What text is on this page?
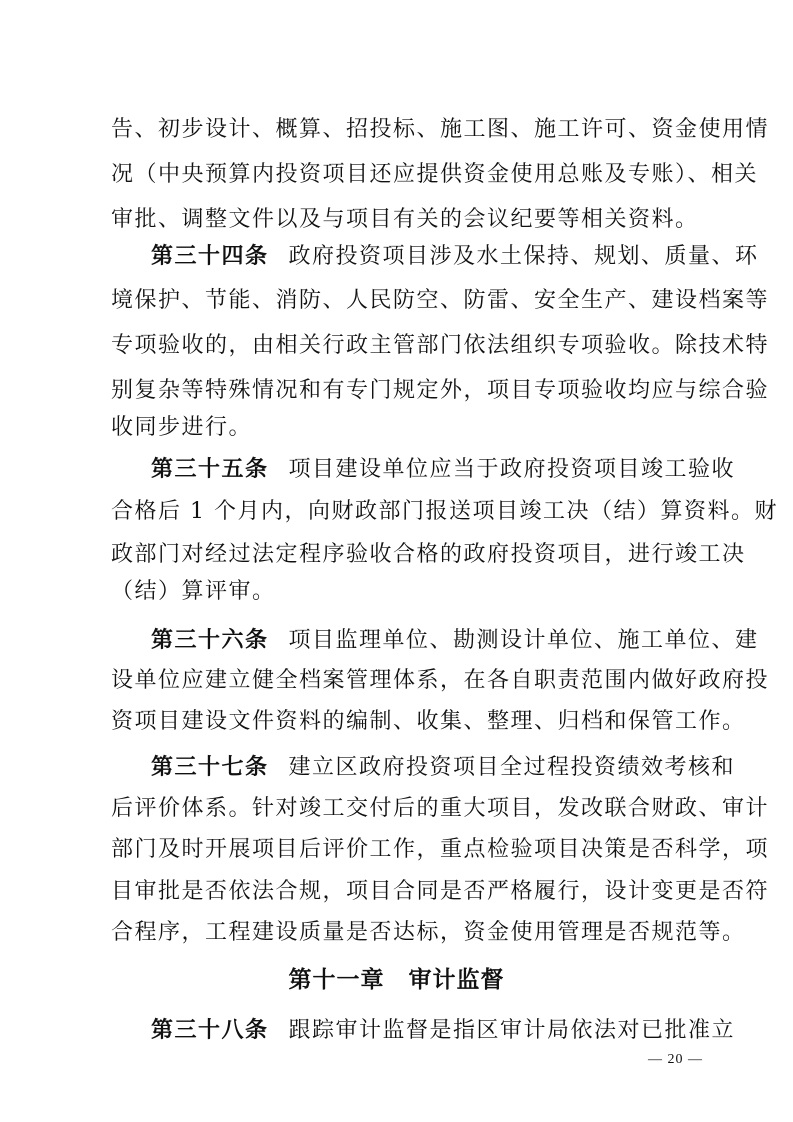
告、初步设计、概算、招投标、施工图、施工许可、资金使用情
况（中央预算内投资项目还应提供资金使用总账及专账）、相关
审批、调整文件以及与项目有关的会议纪要等相关资料。
第三十四条 政府投资项目涉及水土保持、规划、质量、环
境保护、节能、消防、人民防空、防雷、安全生产、建设档案等
专项验收的，由相关行政主管部门依法组织专项验收。除技术特
别复杂等特殊情况和有专门规定外，项目专项验收均应与综合验
收同步进行。
第三十五条 项目建设单位应当于政府投资项目竣工验收
合格后 1 个月内，向财政部门报送项目竣工决（结）算资料。财
政部门对经过法定程序验收合格的政府投资项目，进行竣工决
（结）算评审。
第三十六条 项目监理单位、勘测设计单位、施工单位、建
设单位应建立健全档案管理体系，在各自职责范围内做好政府投
资项目建设文件资料的编制、收集、整理、归档和保管工作。
第三十七条 建立区政府投资项目全过程投资绩效考核和
后评价体系。针对竣工交付后的重大项目，发改联合财政、审计
部门及时开展项目后评价工作，重点检验项目决策是否科学，项
目审批是否依法合规，项目合同是否严格履行，设计变更是否符
合程序，工程建设质量是否达标，资金使用管理是否规范等。
第十一章 审计监督
第三十八条 跟踪审计监督是指区审计局依法对已批准立
— 20 —
